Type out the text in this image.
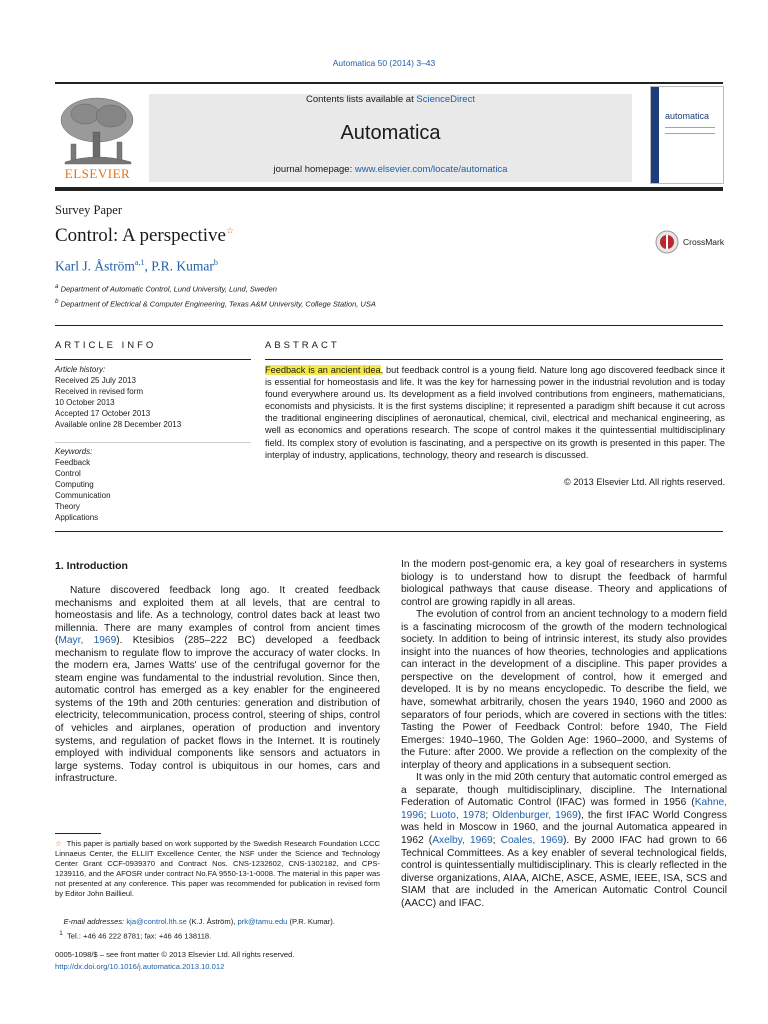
Automatica 50 (2014) 3–43
ELSEVIER
Contents lists available at ScienceDirect
Automatica
journal homepage: www.elsevier.com/locate/automatica
automatica
Survey Paper
Control: A perspective☆
CrossMark
Karl J. Åström$^{a,1}$, P.R. Kumar$^b$
$^a$ Department of Automatic Control, Lund University, Lund, Sweden
$^b$ Department of Electrical & Computer Engineering, Texas A&M University, College Station, USA
ARTICLE INFO	ABSTRACT
Article history:
Received 25 July 2013
Received in revised form
10 October 2013
Accepted 17 October 2013
Available online 28 December 2013
Keywords:
Feedback
Control
Computing
Communication
Theory
Applications
Feedback is an ancient idea, but feedback control is a young field. Nature long ago discovered feedback since it is essential for homeostasis and life. It was the key for harnessing power in the industrial revolution and is today found everywhere around us. Its development as a field involved contributions from engineers, mathematicians, economists and physicists. It is the first systems discipline; it represented a paradigm shift because it cut across the traditional engineering disciplines of aeronautical, chemical, civil, electrical and mechanical engineering, as well as economics and operations research. The scope of control makes it the quintessential multidisciplinary field. Its complex story of evolution is fascinating, and a perspective on its growth is presented in this paper. The interplay of industry, applications, technology, theory and research is discussed.
© 2013 Elsevier Ltd. All rights reserved.
1. Introduction

Nature discovered feedback long ago. It created feedback mechanisms and exploited them at all levels, that are central to homeostasis and life. As a technology, control dates back at least two millennia. There are many examples of control from ancient times (Mayr, 1969). Ktesibios (285–222 BC) developed a feedback mechanism to regulate flow to improve the accuracy of water clocks. In the modern era, James Watts' use of the centrifugal governor for the steam engine was fundamental to the industrial revolution. Since then, automatic control has emerged as a key enabler for the engineered systems of the 19th and 20th centuries: generation and distribution of electricity, telecommunication, process control, steering of ships, control of vehicles and airplanes, operation of production and inventory systems, and regulation of packet flows in the Internet. It is routinely employed with individual components like sensors and actuators in large systems. Today control is ubiquitous in our homes, cars and infrastructure.

In the modern post-genomic era, a key goal of researchers in systems biology is to understand how to disrupt the feedback of harmful biological pathways that cause disease. Theory and applications of control are growing rapidly in all areas.

The evolution of control from an ancient technology to a modern field is a fascinating microcosm of the growth of the modern technological society. In addition to being of intrinsic interest, its study also provides insight into the nuances of how theories, technologies and applications can interact in the development of a discipline. This paper provides a perspective on the development of control, how it emerged and developed. It is by no means encyclopedic. To describe the field, we have, somewhat arbitrarily, chosen the years 1940, 1960 and 2000 as separators of four periods, which are covered in sections with the titles: Tasting the Power of Feedback Control: before 1940, The Field Emerges: 1940–1960, The Golden Age: 1960–2000, and Systems of the Future: after 2000. We provide a reflection on the complexity of the interplay of theory and applications in a subsequent section.

It was only in the mid 20th century that automatic control emerged as a separate, though multidisciplinary, discipline. The International Federation of Automatic Control (IFAC) was formed in 1956 (Kahne, 1996; Luoto, 1978; Oldenburger, 1969), the first IFAC World Congress was held in Moscow in 1960, and the journal Automatica appeared in 1962 (Axelby, 1969; Coales, 1969). By 2000 IFAC had grown to 66 Technical Committees. As a key enabler of several technological fields, control is quintessentially multidisciplinary. This is clearly reflected in the diverse organizations, AIAA, AIChE, ASCE, ASME, IEEE, ISA, SCS and SIAM that are included in the American Automatic Control Council (AACC) and IFAC.

☆ This paper is partially based on work supported by the Swedish Research Foundation LCCC Linnaeus Center, the ELLIIT Excellence Center, the NSF under the Science and Technology Center Grant CCF-0939370 and Contract Nos. CNS-1232602, CNS-1302182, and CPS-1239116, and the AFOSR under contract No.FA 9550-13-1-0008. The material in this paper was not presented at any conference. This paper was recommended for publication in revised form by Editor John Baillieul.
E-mail addresses: kja@control.lth.se (K.J. Åström), prk@tamu.edu (P.R. Kumar).
$^1$ Tel.: +46 46 222 8781; fax: +46 46 138118.
0005-1098/$ – see front matter © 2013 Elsevier Ltd. All rights reserved.
http://dx.doi.org/10.1016/j.automatica.2013.10.012
